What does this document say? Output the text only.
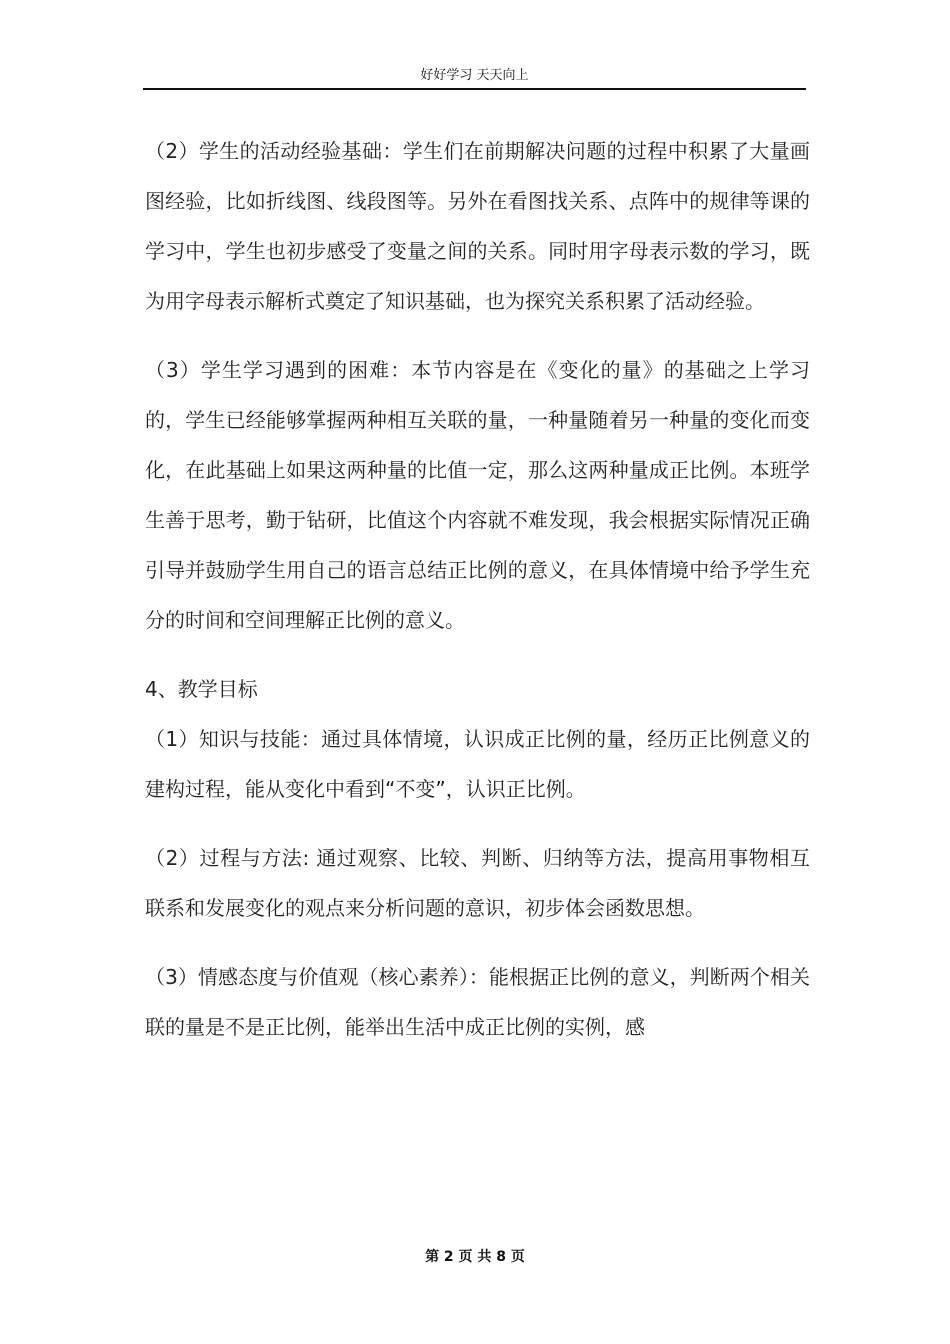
好好学习 天天向上

（2）学生的活动经验基础：学生们在前期解决问题的过程中积累了大量画图经验，比如折线图、线段图等。另外在看图找关系、点阵中的规律等课的学习中，学生也初步感受了变量之间的关系。同时用字母表示数的学习，既为用字母表示解析式奠定了知识基础，也为探究关系积累了活动经验。

（3）学生学习遇到的困难：本节内容是在《变化的量》的基础之上学习的，学生已经能够掌握两种相互关联的量，一种量随着另一种量的变化而变化，在此基础上如果这两种量的比值一定，那么这两种量成正比例。本班学生善于思考，勤于钻研，比值这个内容就不难发现，我会根据实际情况正确引导并鼓励学生用自己的语言总结正比例的意义，在具体情境中给予学生充分的时间和空间理解正比例的意义。

4、教学目标

（1）知识与技能：通过具体情境，认识成正比例的量，经历正比例意义的建构过程，能从变化中看到“不变”，认识正比例。

（2）过程与方法: 通过观察、比较、判断、归纳等方法，提高用事物相互联系和发展变化的观点来分析问题的意识，初步体会函数思想。

（3）情感态度与价值观（核心素养）：能根据正比例的意义，判断两个相关联的量是不是正比例，能举出生活中成正比例的实例，感

第 2 页 共 8 页
